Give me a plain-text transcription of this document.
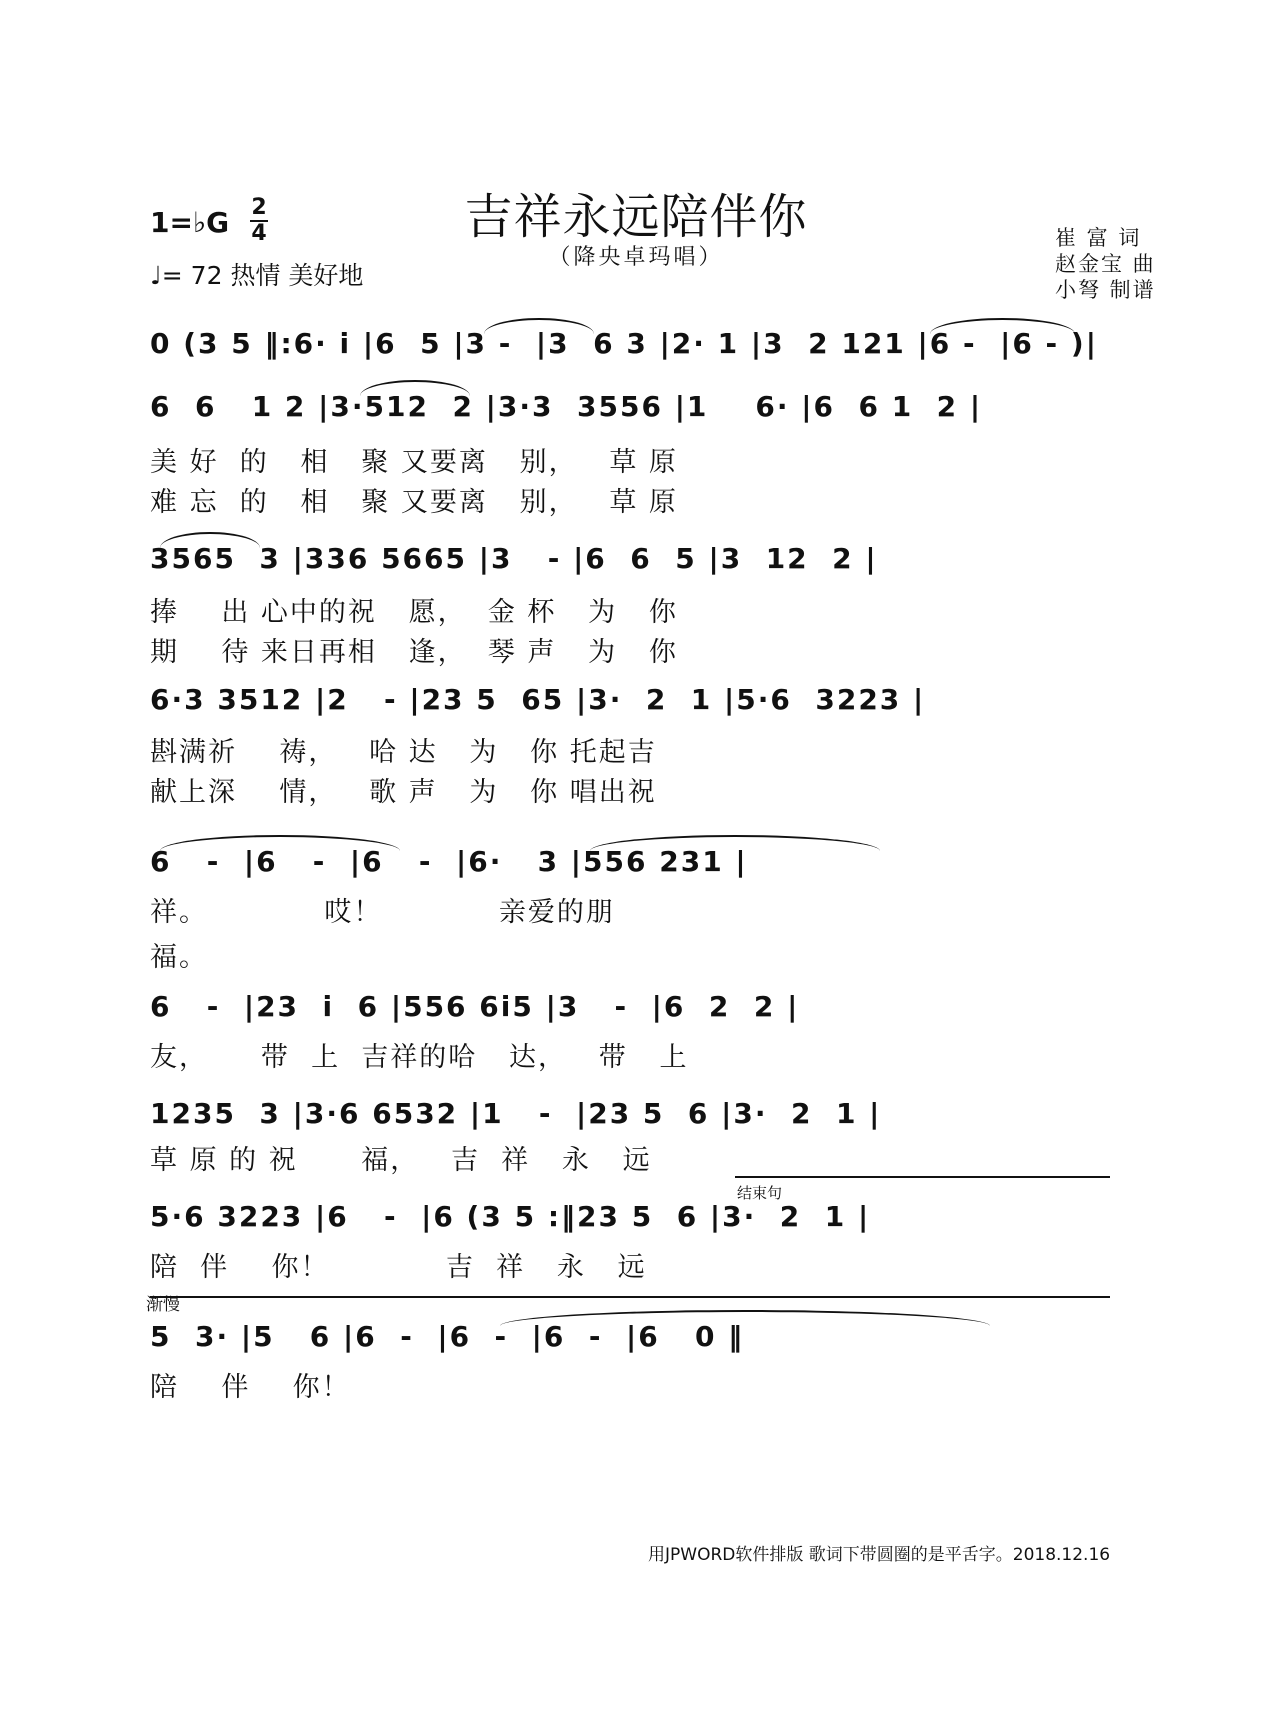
吉祥永远陪伴你
（降央卓玛唱）
1=♭G 2
4
♩= 72 热情 美好地
崔 富 词
赵金宝 曲
小弩 制谱
0 (3 5 ‖:6· i |6  5 |3 -  |3  6 3 |2· 1 |3  2 121 |6 -  |6 - )|
6  6   1 2 |3·512  2 |3·3  3556 |1    6· |6  6 1  2 |
美 好  的   相   聚 又要离   别，   草 原
难 忘  的   相   聚 又要离   别，   草 原
3565  3 |336 5665 |3   - |6  6  5 |3  12  2 |
捧    出 心中的祝   愿，  金 杯   为   你
期    待 来日再相   逢，  琴 声   为   你
6·3 3512 |2   - |23 5  65 |3·  2  1 |5·6  3223 |
斟满祈    祷，   哈 达   为   你 托起吉
献上深    情，   歌 声   为   你 唱出祝
6   -  |6   -  |6   -  |6·   3 |556 231 |
祥。           哎！           亲爱的朋
福。
6   -  |23  i  6 |556 6i5 |3   -  |6  2  2 |
友，     带  上  吉祥的哈   达，   带   上
1235  3 |3·6 6532 |1   -  |23 5  6 |3·  2  1 |
草 原 的 祝      福，   吉  祥   永   远
结束句
5·6 3223 |6   -  |6 (3 5 :‖23 5  6 |3·  2  1 |
陪  伴    你！           吉  祥   永   远
渐慢
5  3· |5   6 |6  -  |6  -  |6  -  |6   0 ‖
陪    伴    你！
用JPWORD软件排版 歌词下带圆圈的是平舌字。2018.12.16
